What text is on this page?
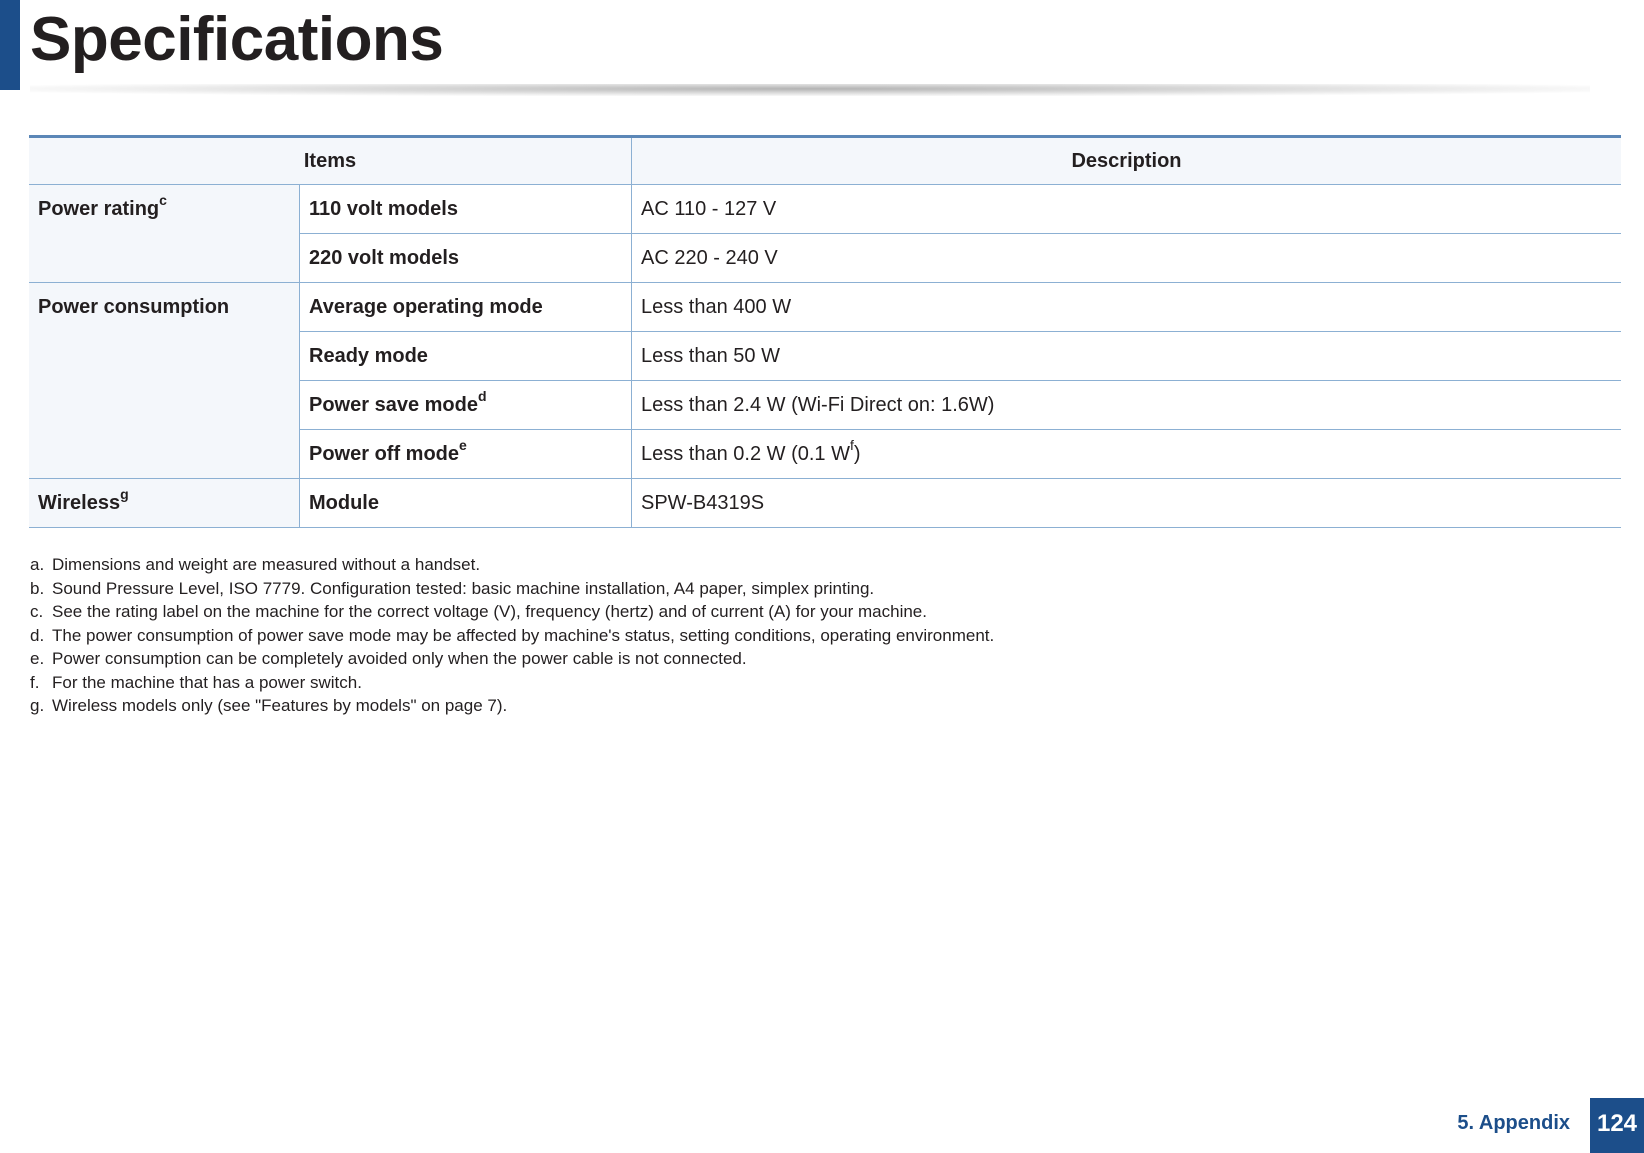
Specifications
Items		Description
Power rating$^c$	110 volt models	AC 110 - 127 V
	220 volt models	AC 220 - 240 V
Power consumption	Average operating mode	Less than 400 W
	Ready mode	Less than 50 W
	Power save mode$^d$	Less than 2.4 W (Wi-Fi Direct on: 1.6W)
	Power off mode$^e$	Less than 0.2 W (0.1 $W^f$)
Wireless$^g$	Module	SPW-B4319S
a. Dimensions and weight are measured without a handset.
b. Sound Pressure Level, ISO 7779. Configuration tested: basic machine installation, A4 paper, simplex printing.
c. See the rating label on the machine for the correct voltage (V), frequency (hertz) and of current (A) for your machine.
d. The power consumption of power save mode may be affected by machine's status, setting conditions, operating environment.
e. Power consumption can be completely avoided only when the power cable is not connected.
f. For the machine that has a power switch.
g. Wireless models only (see "Features by models" on page 7).
5. Appendix 124
